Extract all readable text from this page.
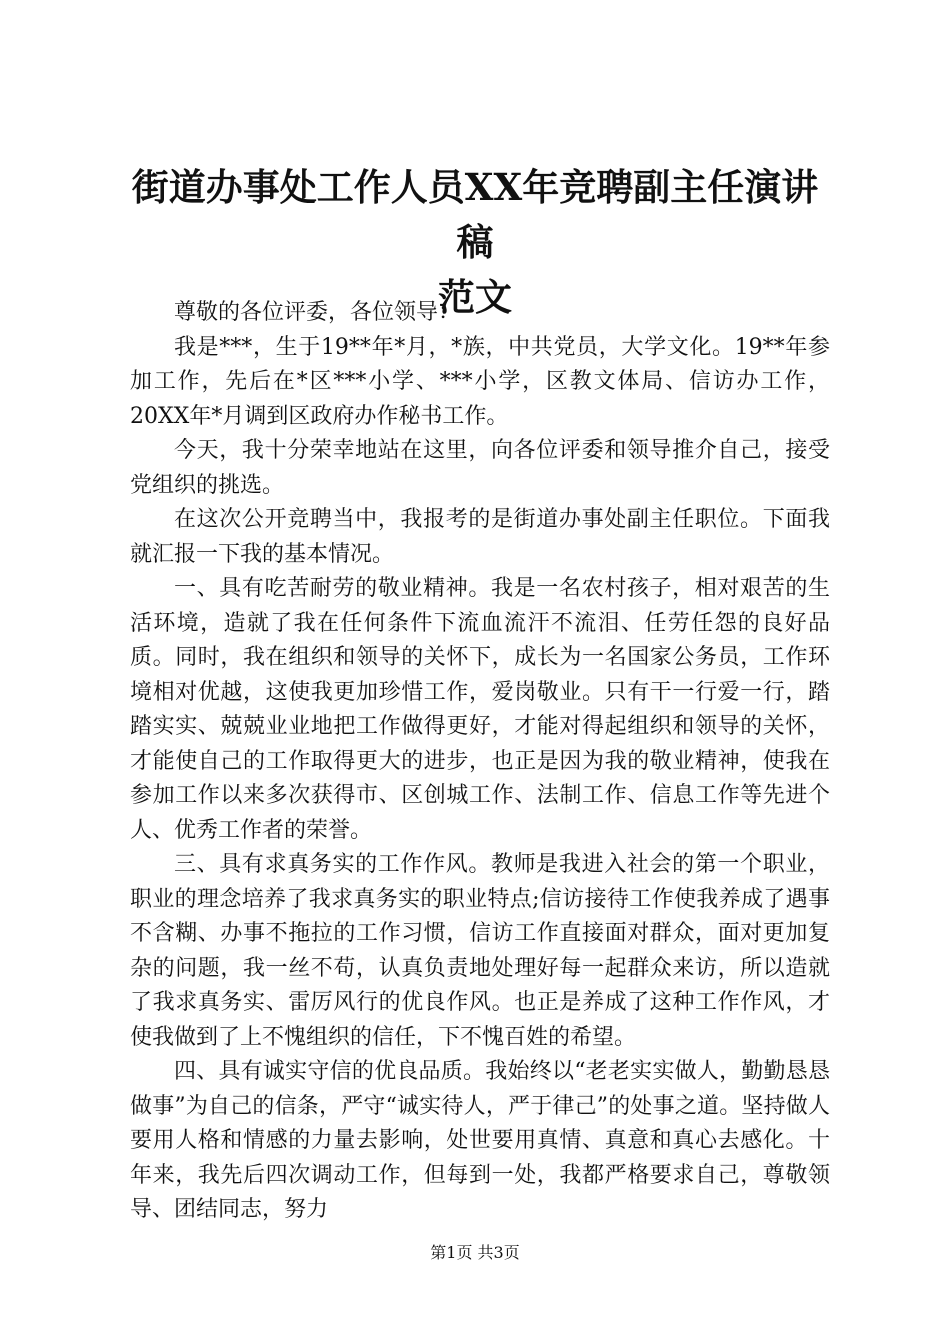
街道办事处工作人员XX年竞聘副主任演讲稿
范文

尊敬的各位评委，各位领导：

我是***，生于19**年*月，*族，中共党员，大学文化。19**年参加工作，先后在*区***小学、***小学，区教文体局、信访办工作，20XX年*月调到区政府办作秘书工作。

今天，我十分荣幸地站在这里，向各位评委和领导推介自己，接受党组织的挑选。

在这次公开竞聘当中，我报考的是街道办事处副主任职位。下面我就汇报一下我的基本情况。

一、具有吃苦耐劳的敬业精神。我是一名农村孩子，相对艰苦的生活环境，造就了我在任何条件下流血流汗不流泪、任劳任怨的良好品质。同时，我在组织和领导的关怀下，成长为一名国家公务员，工作环境相对优越，这使我更加珍惜工作，爱岗敬业。只有干一行爱一行，踏踏实实、兢兢业业地把工作做得更好，才能对得起组织和领导的关怀，才能使自己的工作取得更大的进步，也正是因为我的敬业精神，使我在参加工作以来多次获得市、区创城工作、法制工作、信息工作等先进个人、优秀工作者的荣誉。

三、具有求真务实的工作作风。教师是我进入社会的第一个职业，职业的理念培养了我求真务实的职业特点;信访接待工作使我养成了遇事不含糊、办事不拖拉的工作习惯，信访工作直接面对群众，面对更加复杂的问题，我一丝不苟，认真负责地处理好每一起群众来访，所以造就了我求真务实、雷厉风行的优良作风。也正是养成了这种工作作风，才使我做到了上不愧组织的信任，下不愧百姓的希望。

四、具有诚实守信的优良品质。我始终以“老老实实做人，勤勤恳恳做事”为自己的信条，严守“诚实待人，严于律己”的处事之道。坚持做人要用人格和情感的力量去影响，处世要用真情、真意和真心去感化。十年来，我先后四次调动工作，但每到一处，我都严格要求自己，尊敬领导、团结同志，努力

第1页 共3页
